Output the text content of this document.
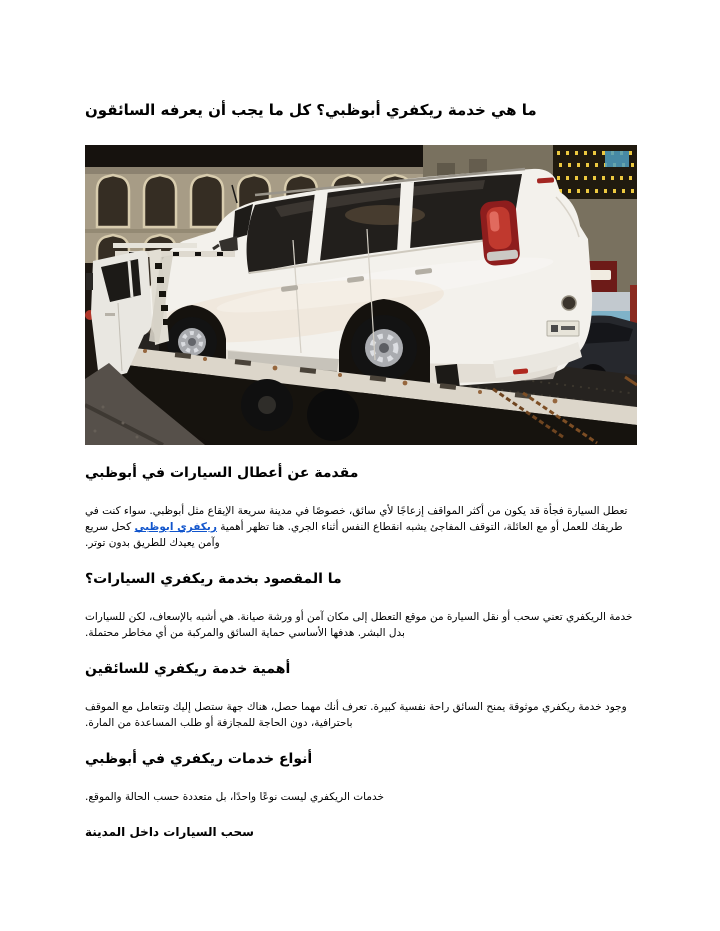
ما هي خدمة ريكفري أبوظبي؟ كل ما يجب أن يعرفه السائقون
مقدمة عن أعطال السيارات في أبوظبي

تعطل السيارة فجأة قد يكون من أكثر المواقف إزعاجًا لأي سائق، خصوصًا في مدينة سريعة الإيقاع مثل أبوظبي. سواء كنت في طريقك للعمل أو مع العائلة، التوقف المفاجئ يشبه انقطاع النفس أثناء الجري. هنا تظهر أهمية ريكفري ابوظبي كحل سريع وآمن يعيدك للطريق بدون توتر.

ما المقصود بخدمة ريكفري السيارات؟

خدمة الريكفري تعني سحب أو نقل السيارة من موقع التعطل إلى مكان آمن أو ورشة صيانة. هي أشبه بالإسعاف، لكن للسيارات بدل البشر. هدفها الأساسي حماية السائق والمركبة من أي مخاطر محتملة.

أهمية خدمة ريكفري للسائقين

وجود خدمة ريكفري موثوقة يمنح السائق راحة نفسية كبيرة. تعرف أنك مهما حصل، هناك جهة ستصل إليك وتتعامل مع الموقف باحترافية، دون الحاجة للمجازفة أو طلب المساعدة من المارة.

أنواع خدمات ريكفري في أبوظبي

خدمات الريكفري ليست نوعًا واحدًا، بل متعددة حسب الحالة والموقع.

سحب السيارات داخل المدينة
